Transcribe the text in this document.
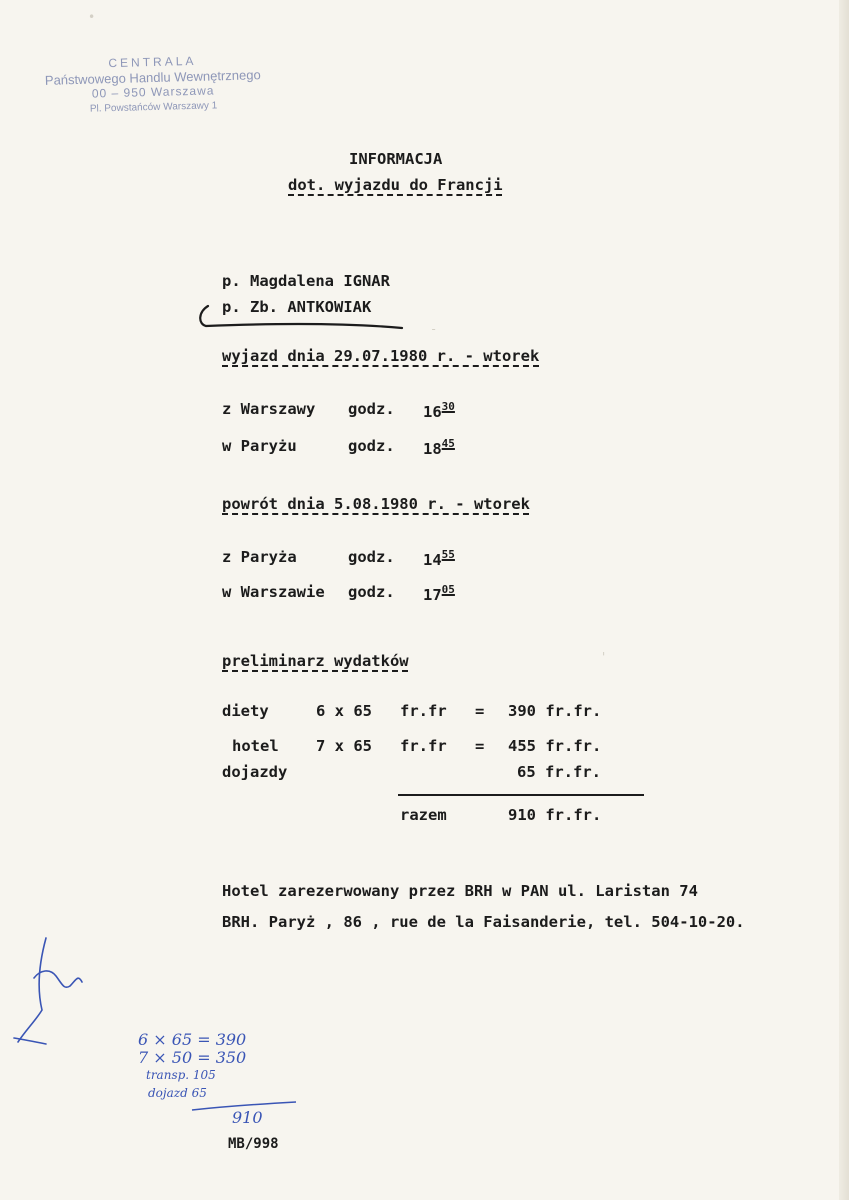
CENTRALA
Państwowego Handlu Wewnętrznego
00 – 950 Warszawa
Pl. Powstańców Warszawy 1
INFORMACJA
dot. wyjazdu do Francji
p. Magdalena IGNAR
p. Zb. ANTKOWIAK
wyjazd dnia 29.07.1980 r. - wtorek
z Warszawy godz. $16^{30}$
w Paryżu	godz. $18^{45}$
powrót dnia 5.08.1980 r. - wtorek
z Paryża	godz. $14^{55}$
w Warszawie godz. $17^{05}$
preliminarz wydatków
diety	6 x 65 fr.fr = 390 fr.fr.
hotel 7 x 65 fr.fr = 455 fr.fr.
dojazdy	65 fr.fr.
razem	910 fr.fr.
Hotel zarezerwowany przez BRH w PAN ul. Laristan 74
BRH. Paryż , 86 , rue de la Faisanderie, tel. 504-10-20.
6 × 65 = 390
7 × 50 = 350
transp. 105
dojazd 65
910
MB/998
•
-
'
